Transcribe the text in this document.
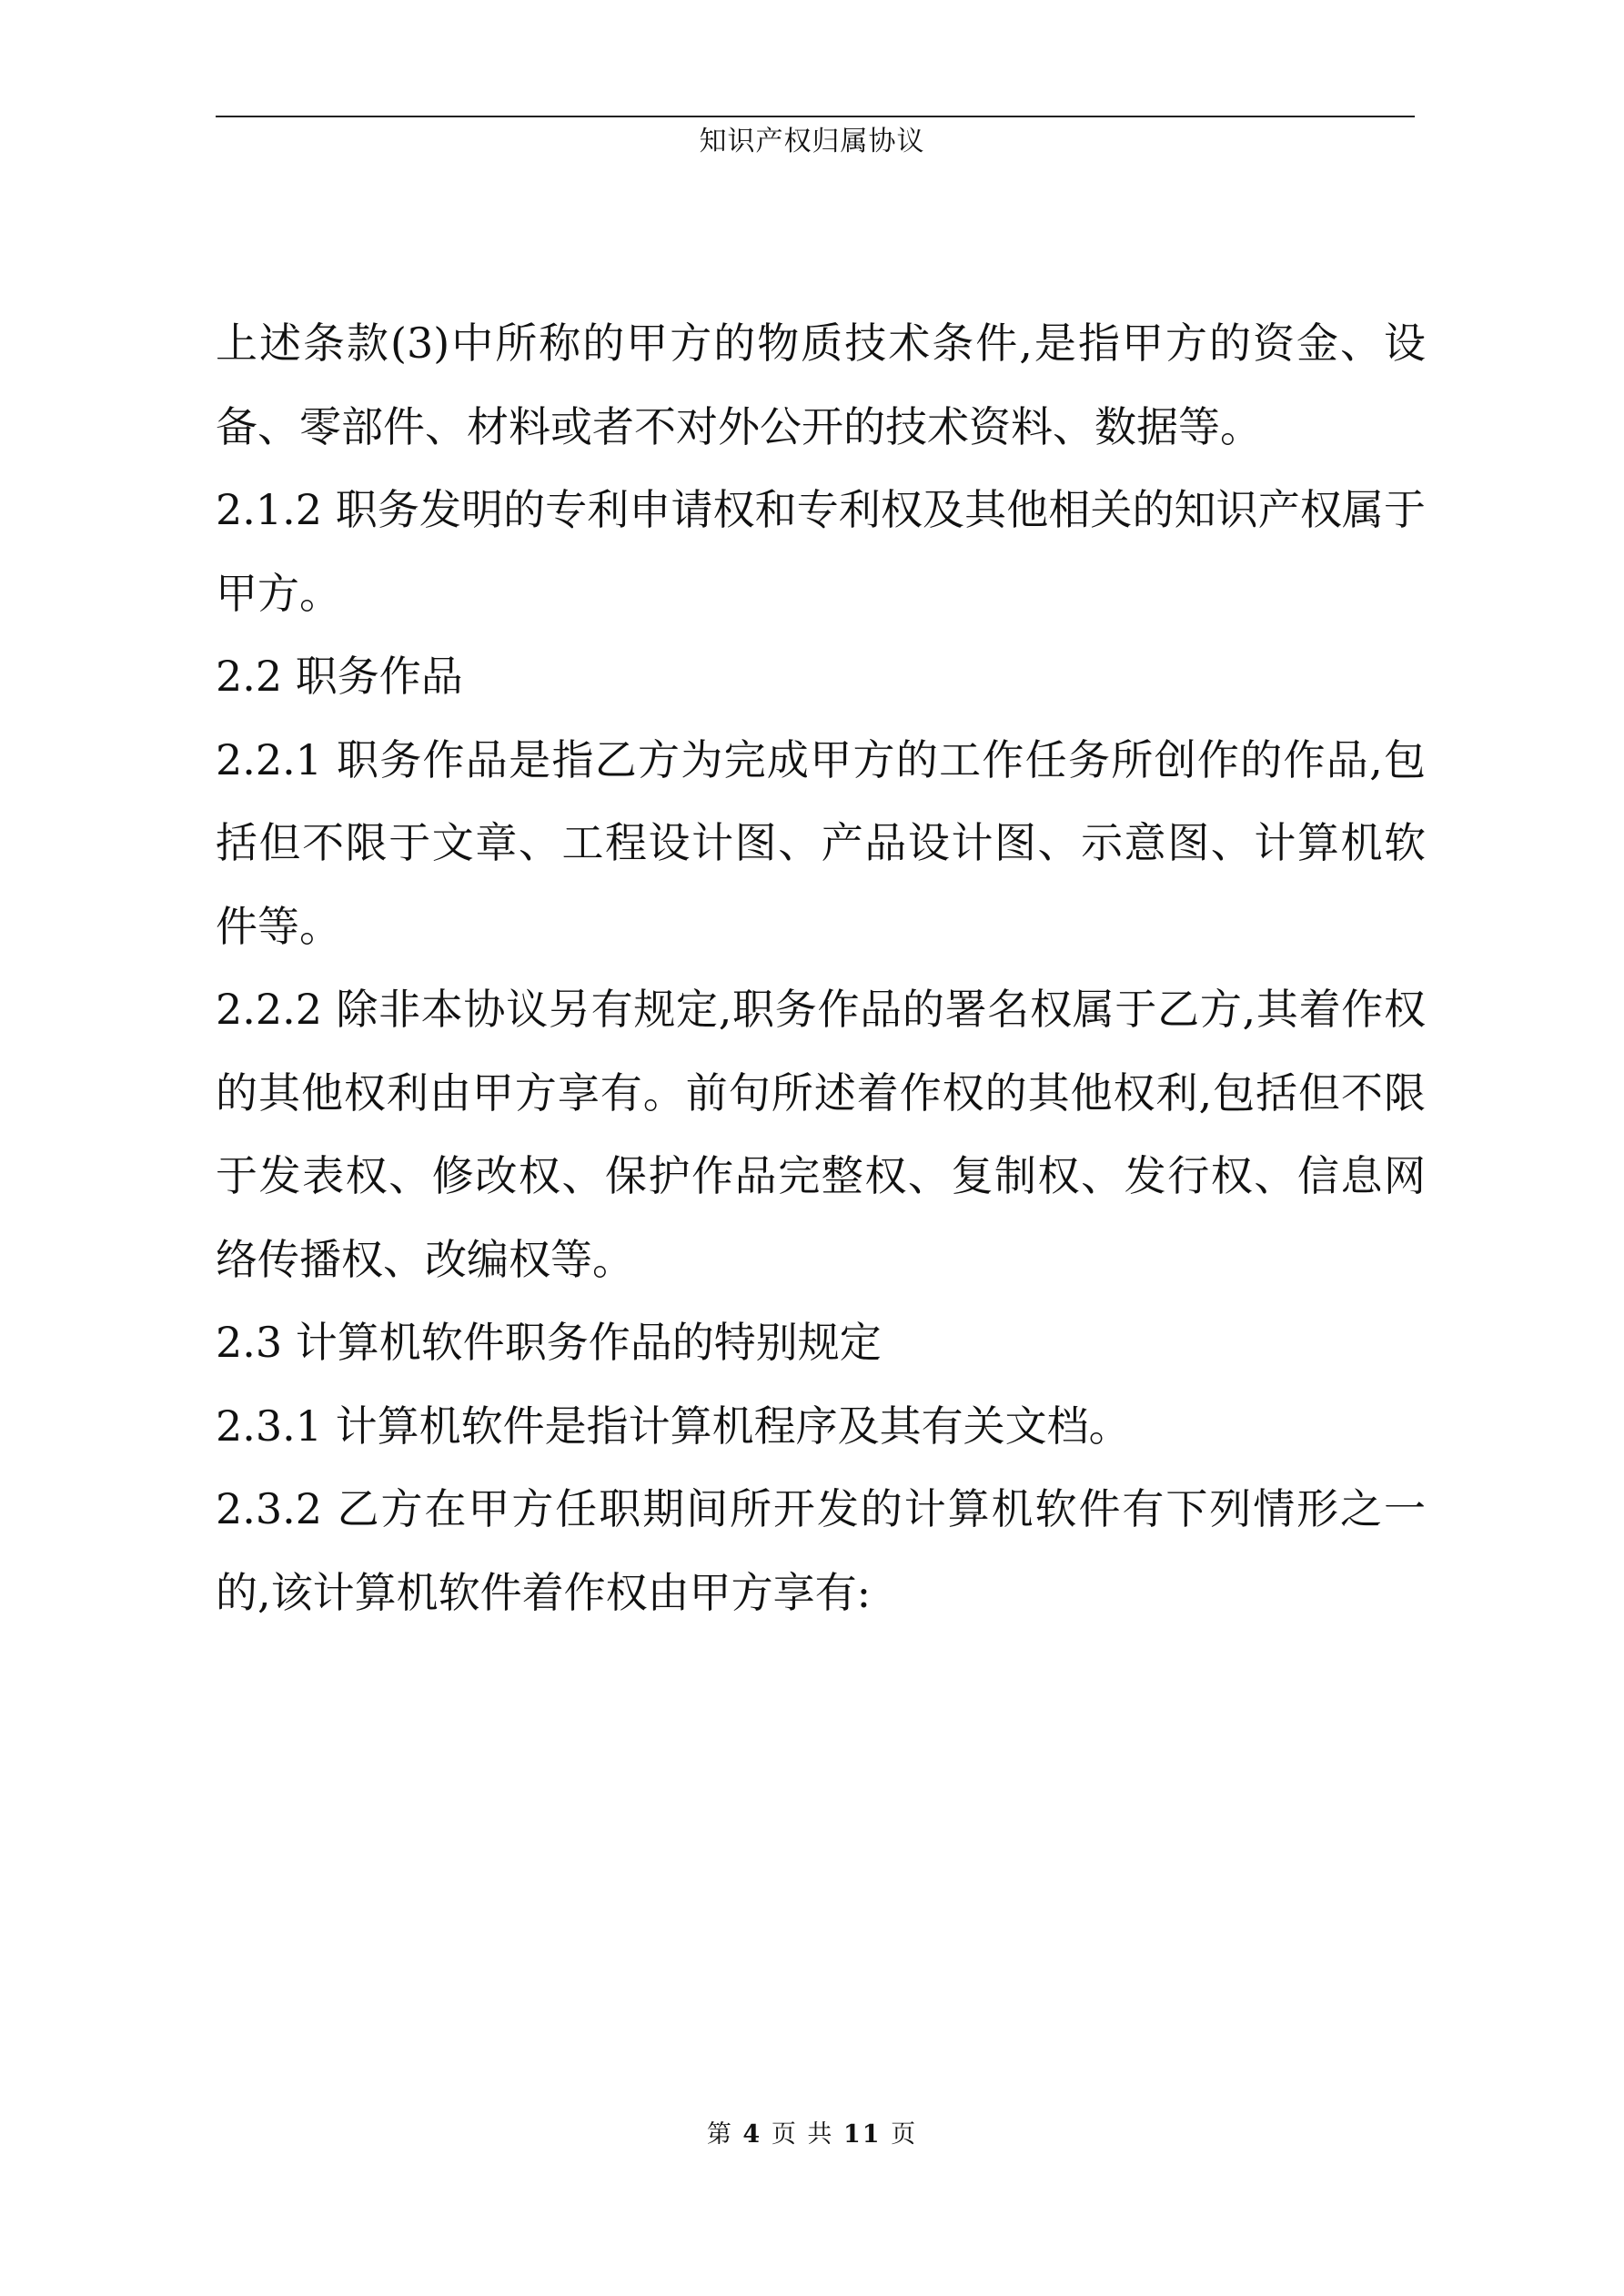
知识产权归属协议

上述条款(3)中所称的甲方的物质技术条件,是指甲方的资金、设备、零部件、材料或者不对外公开的技术资料、数据等。

2.1.2 职务发明的专利申请权和专利权及其他相关的知识产权属于甲方。

2.2 职务作品

2.2.1 职务作品是指乙方为完成甲方的工作任务所创作的作品,包括但不限于文章、工程设计图、产品设计图、示意图、计算机软件等。

2.2.2 除非本协议另有规定,职务作品的署名权属于乙方,其着作权的其他权利由甲方享有。前句所述着作权的其他权利,包括但不限于发表权、修改权、保护作品完整权、复制权、发行权、信息网络传播权、改编权等。

2.3 计算机软件职务作品的特别规定

2.3.1 计算机软件是指计算机程序及其有关文档。

2.3.2 乙方在甲方任职期间所开发的计算机软件有下列情形之一的,该计算机软件着作权由甲方享有:

第 4 页 共 11 页
